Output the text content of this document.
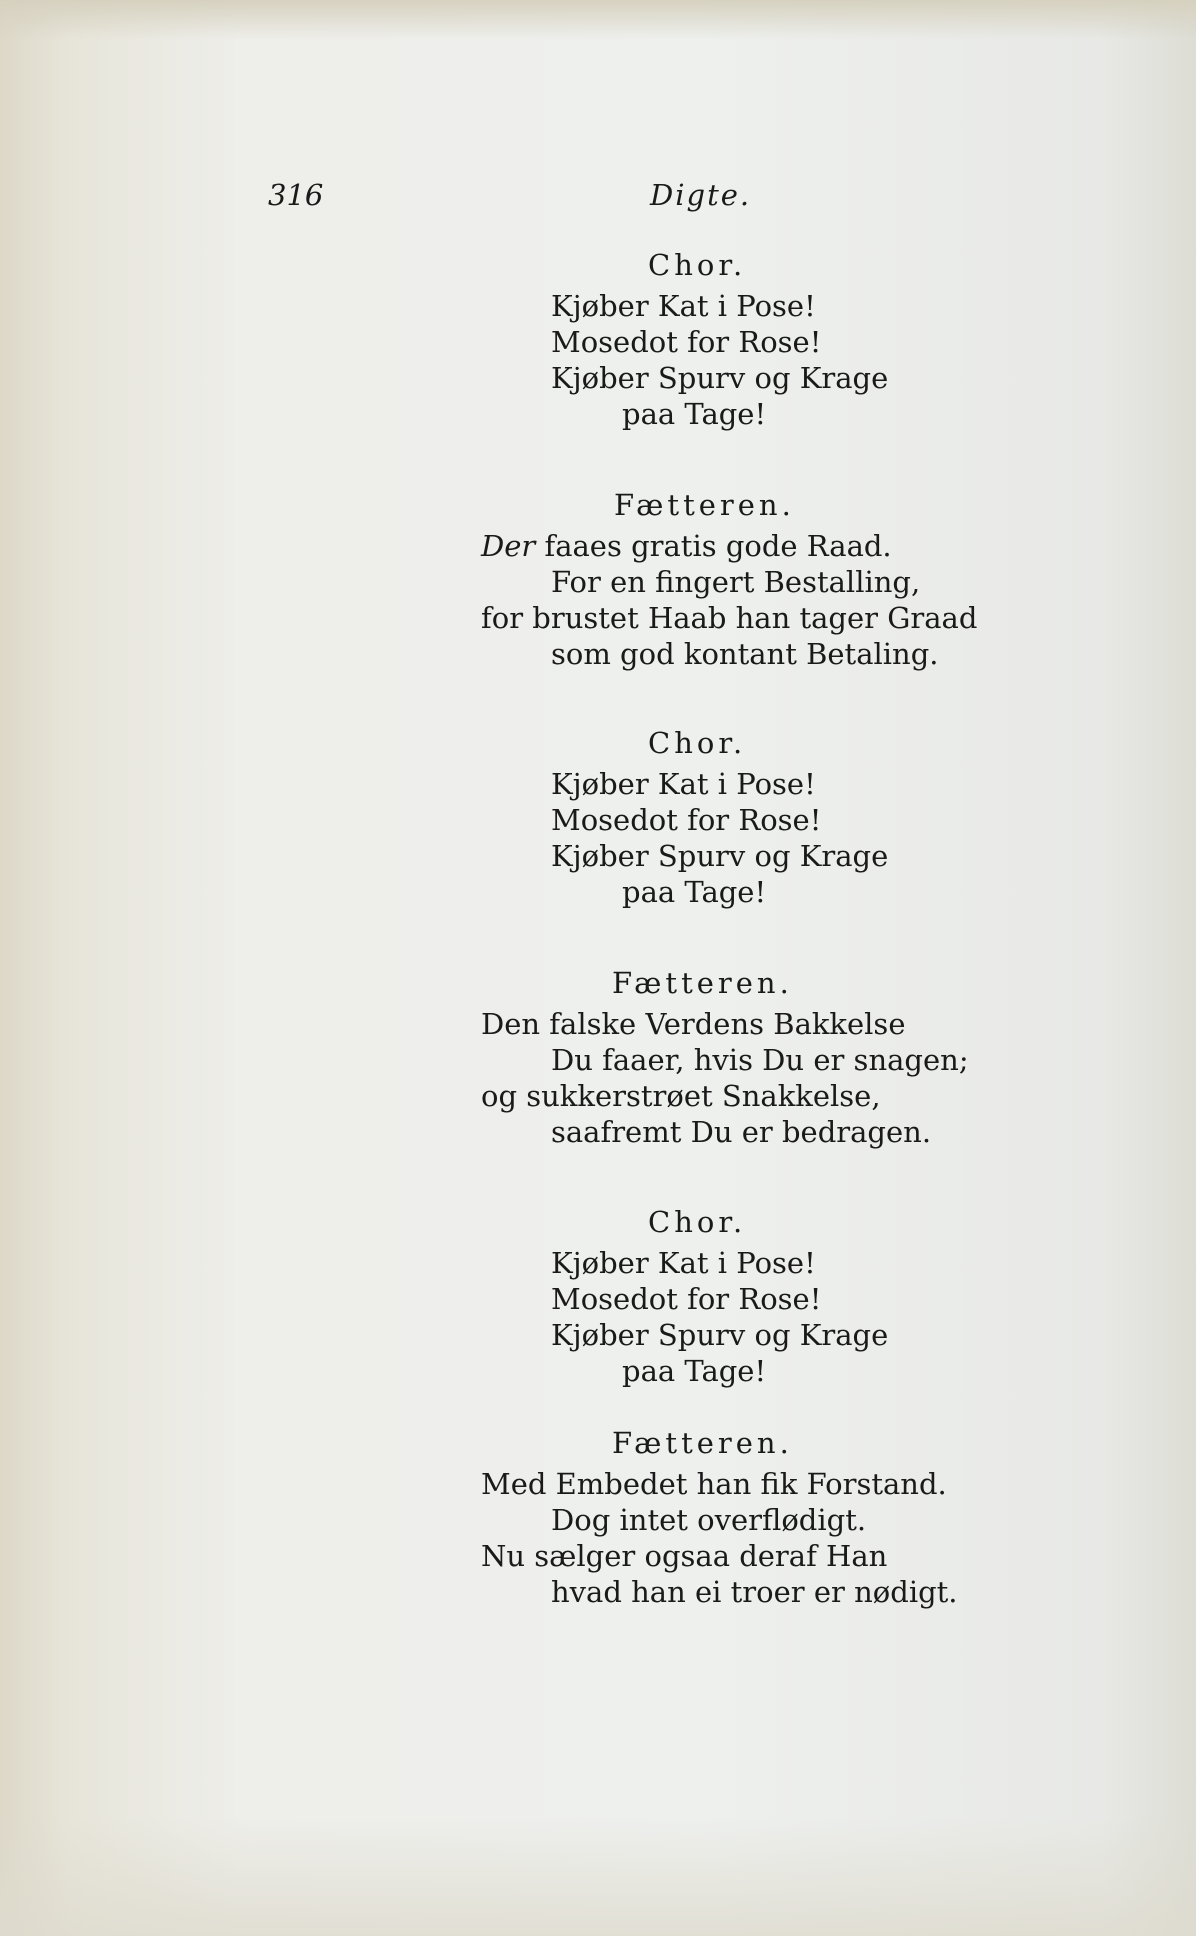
316	Digte.
Chor.
Kjøber Kat i Pose!
Mosedot for Rose!
Kjøber Spurv og Krage
paa Tage!
Fætteren.
Der faaes gratis gode Raad.
For en fingert Bestalling,
for brustet Haab han tager Graad
som god kontant Betaling.
Chor.
Kjøber Kat i Pose!
Mosedot for Rose!
Kjøber Spurv og Krage
paa Tage!
Fætteren.
Den falske Verdens Bakkelse
Du faaer, hvis Du er snagen;
og sukkerstrøet Snakkelse,
saafremt Du er bedragen.
Chor.
Kjøber Kat i Pose!
Mosedot for Rose!
Kjøber Spurv og Krage
paa Tage!
Fætteren.
Med Embedet han fik Forstand.
Dog intet overflødigt.
Nu sælger ogsaa deraf Han
hvad han ei troer er nødigt.
